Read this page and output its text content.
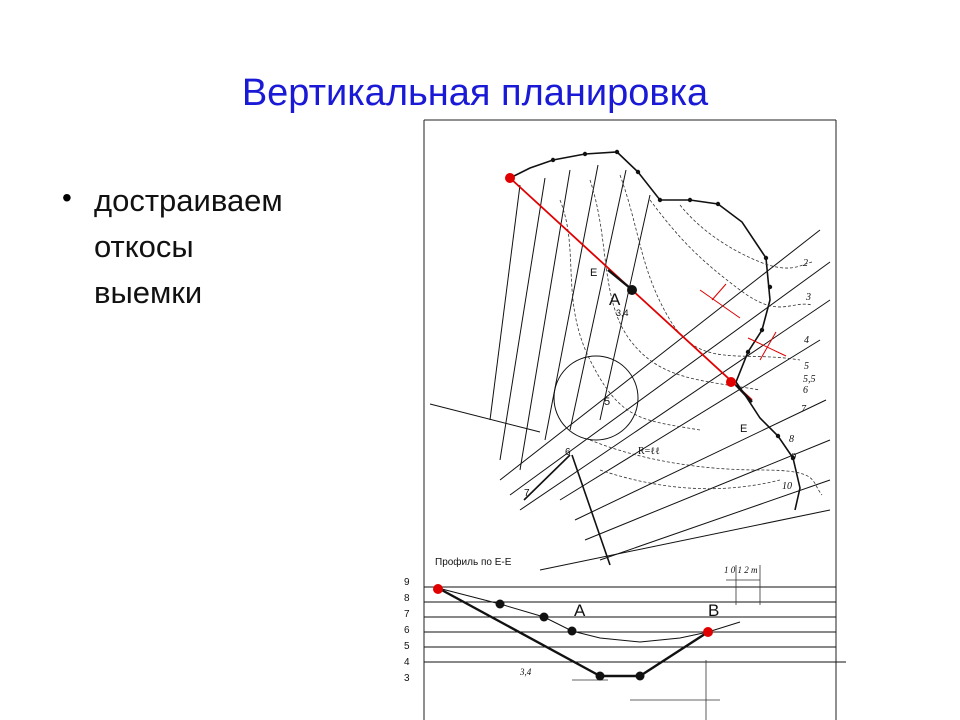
Вертикальная планировка
• достраиваем
откосы
выемки	А
Е
Е
3,4
5
R=ℓℓ
6
7
2
3
4
5
5,5
6
7
8
9
10
Профиль по Е-Е
9
8
7
6
5
4
3
А	В
3,4
1 0 1 2 m
